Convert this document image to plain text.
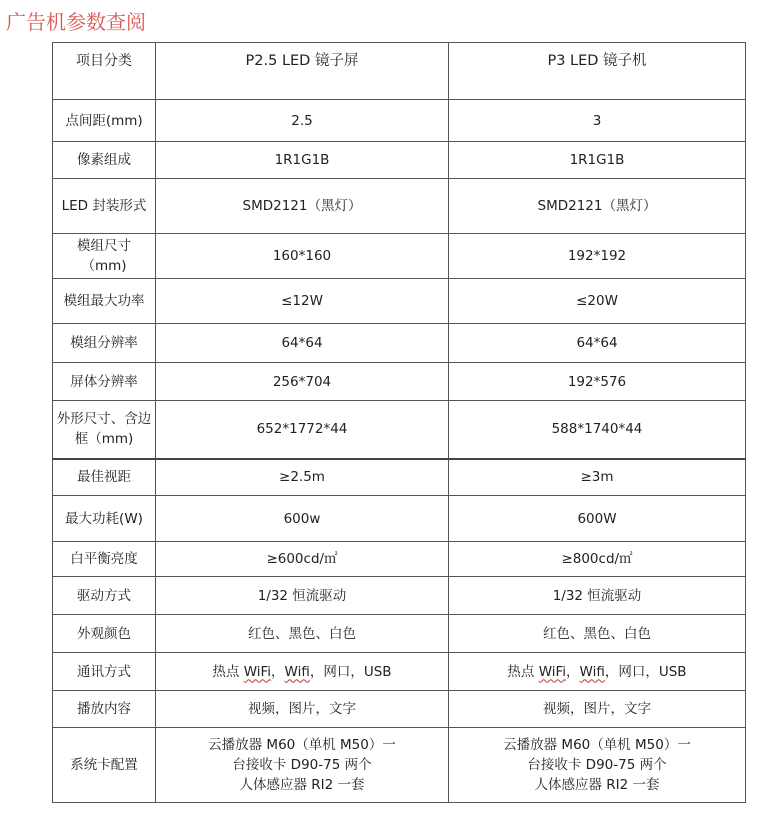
广告机参数查阅
项目分类	P2.5 LED 镜子屏	P3 LED 镜子机
点间距(mm)	2.5	3
像素组成	1R1G1B	1R1G1B
LED 封装形式	SMD2121（黑灯）	SMD2121（黑灯）
模组尺寸（mm)	160*160	192*192
模组最大功率	≤12W	≤20W
模组分辨率	64*64	64*64
屏体分辨率	256*704	192*576
外形尺寸、含边框（mm)	652*1772*44	588*1740*44
最佳视距	≥2.5m	≥3m
最大功耗(W)	600w	600W
白平衡亮度	≥600cd/㎡	≥800cd/㎡
驱动方式	1/32 恒流驱动	1/32 恒流驱动
外观颜色	红色、黑色、白色	红色、黑色、白色
通讯方式	热点 WiFi，Wifi，网口，USB	热点 WiFi，Wifi，网口，USB
播放内容	视频，图片，文字	视频，图片，文字
系统卡配置	云播放器 M60（单机 M50）一
台接收卡 D90-75 两个
人体感应器 RI2 一套	云播放器 M60（单机 M50）一
台接收卡 D90-75 两个
人体感应器 RI2 一套
